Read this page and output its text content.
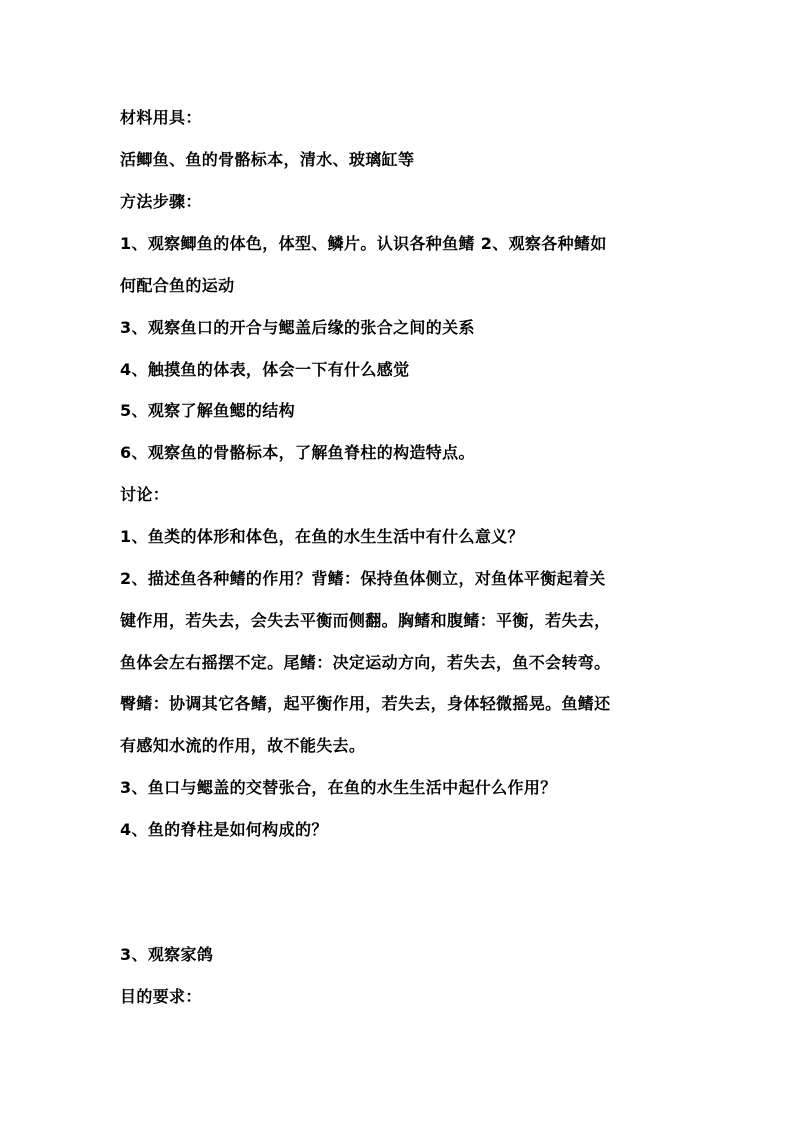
材料用具：
活鲫鱼、鱼的骨骼标本，清水、玻璃缸等
方法步骤：
1、观察鲫鱼的体色，体型、鳞片。认识各种鱼鳍 2、观察各种鳍如
何配合鱼的运动
3、观察鱼口的开合与鳃盖后缘的张合之间的关系
4、触摸鱼的体表，体会一下有什么感觉
5、观察了解鱼鳃的结构
6、观察鱼的骨骼标本，了解鱼脊柱的构造特点。
讨论：
1、鱼类的体形和体色，在鱼的水生生活中有什么意义？
2、描述鱼各种鳍的作用？背鳍：保持鱼体侧立，对鱼体平衡起着关
键作用，若失去，会失去平衡而侧翻。胸鳍和腹鳍：平衡，若失去，
鱼体会左右摇摆不定。尾鳍：决定运动方向，若失去，鱼不会转弯。
臀鳍：协调其它各鳍，起平衡作用，若失去，身体轻微摇晃。鱼鳍还
有感知水流的作用，故不能失去。
3、鱼口与鳃盖的交替张合，在鱼的水生生活中起什么作用？
4、鱼的脊柱是如何构成的？
3、观察家鸽
目的要求：
